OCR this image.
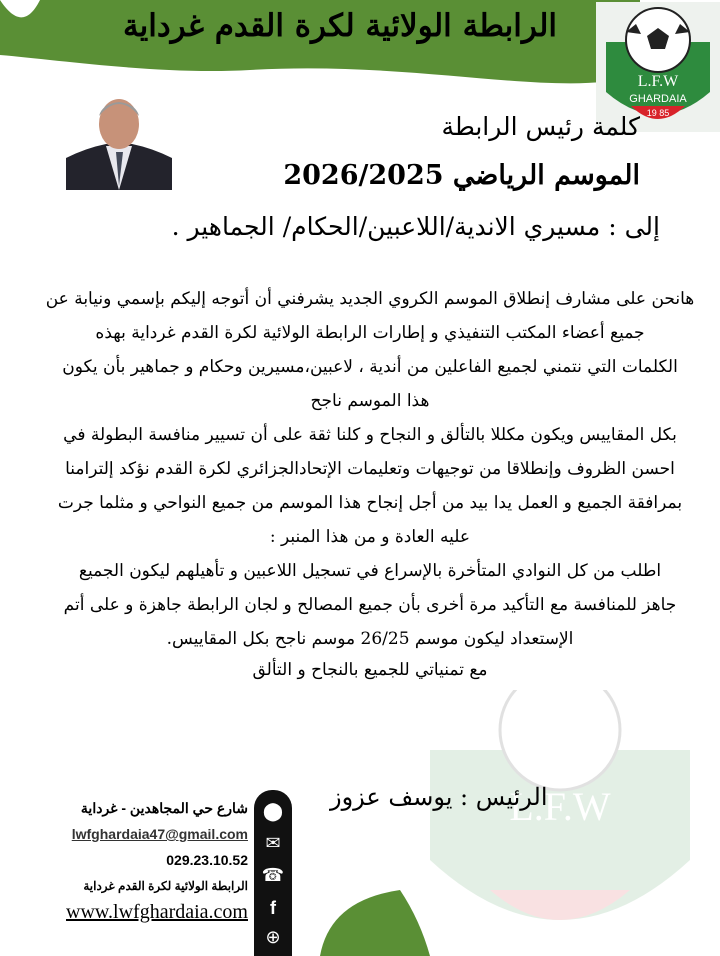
الرابطة الولائية لكرة القدم غرداية
L.F.W
GHARDAIA
19 85
كلمة رئيس الرابطة
الموسم الرياضي 2026/2025
إلى : مسيري الاندية/اللاعبين/الحكام/ الجماهير .
L.F.W
هانحن على مشارف إنطلاق الموسم الكروي الجديد يشرفني أن أتوجه إليكم بإسمي ونيابة عن
جميع أعضاء المكتب التنفيذي و إطارات الرابطة الولائية لكرة القدم غرداية بهذه
الكلمات التي نتمني لجميع الفاعلين من أندية ، لاعبين،مسيرين وحكام و جماهير بأن يكون
هذا الموسم ناجح
بكل المقاييس ويكون مكللا بالتألق و النجاح و كلنا ثقة على أن تسيير منافسة البطولة في
احسن الظروف وإنطلاقا من توجيهات وتعليمات الإتحادالجزائري لكرة القدم نؤكد إلترامنا
بمرافقة الجميع و العمل يدا بيد من أجل إنجاح هذا الموسم من جميع النواحي و مثلما جرت
عليه العادة و من هذا المنبر :
اطلب من كل النوادي المتأخرة بالإسراع في تسجيل اللاعبين و تأهيلهم ليكون الجميع
جاهز للمنافسة مع التأكيد مرة أخرى بأن جميع المصالح و لجان الرابطة جاهزة و على أتم
الإستعداد ليكون موسم 26/25 موسم ناجح بكل المقاييس.
مع تمنياتي للجميع بالنجاح و التألق
الرئيس : يوسف عزوز
⬤
✉
☎
f
⊕
شارع حي المجاهدين - غرداية
lwfghardaia47@gmail.com
029.23.10.52
الرابطة الولائية لكرة القدم غرداية
www.lwfghardaia.com
